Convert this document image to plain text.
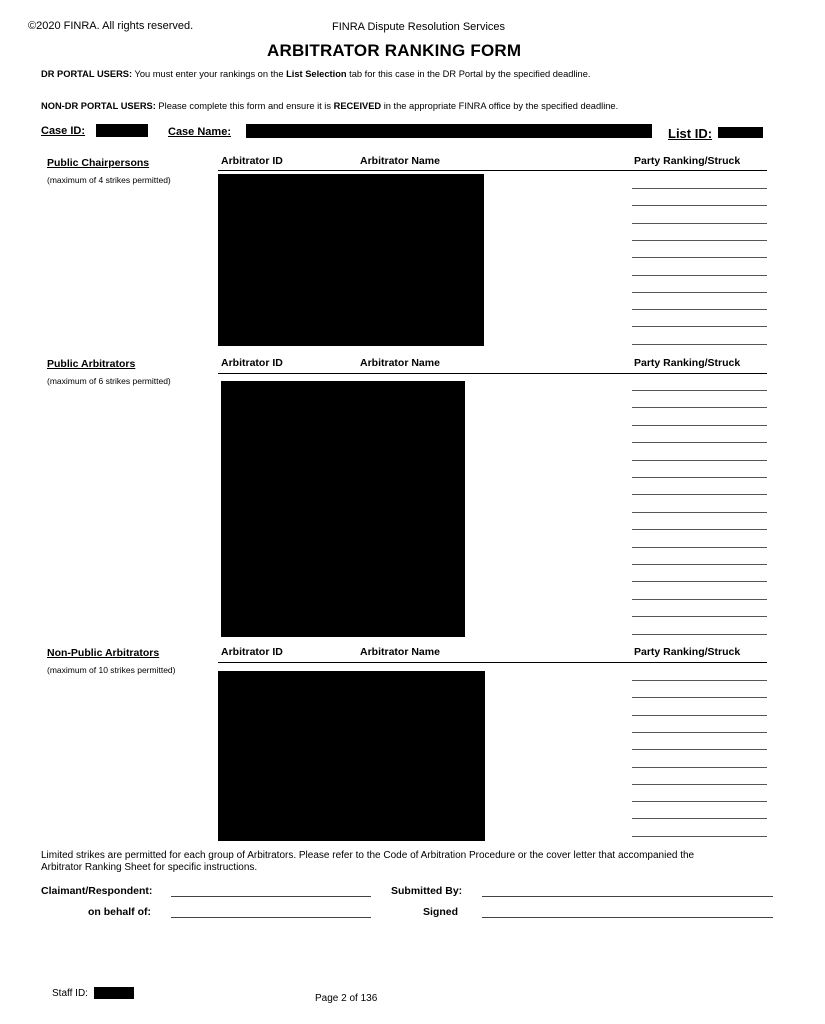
©2020 FINRA. All rights reserved.	FINRA Dispute Resolution Services
ARBITRATOR RANKING FORM
DR PORTAL USERS: You must enter your rankings on the List Selection tab for this case in the DR Portal by the specified deadline.
NON-DR PORTAL USERS: Please complete this form and ensure it is RECEIVED in the appropriate FINRA office by the specified deadline.
Case ID:	Case Name:	List ID:
Public Chairpersons
(maximum of 4 strikes permitted)
Arbitrator ID	Arbitrator Name	Party Ranking/Struck
Public Arbitrators
(maximum of 6 strikes permitted)
Arbitrator ID	Arbitrator Name	Party Ranking/Struck
Non-Public Arbitrators
(maximum of 10 strikes permitted)
Arbitrator ID	Arbitrator Name	Party Ranking/Struck
Limited strikes are permitted for each group of Arbitrators. Please refer to the Code of Arbitration Procedure or the cover letter that accompanied the
Arbitrator Ranking Sheet for specific instructions.
Claimant/Respondent:
on behalf of:
Submitted By:
Signed
Staff ID:	Page 2 of 136
